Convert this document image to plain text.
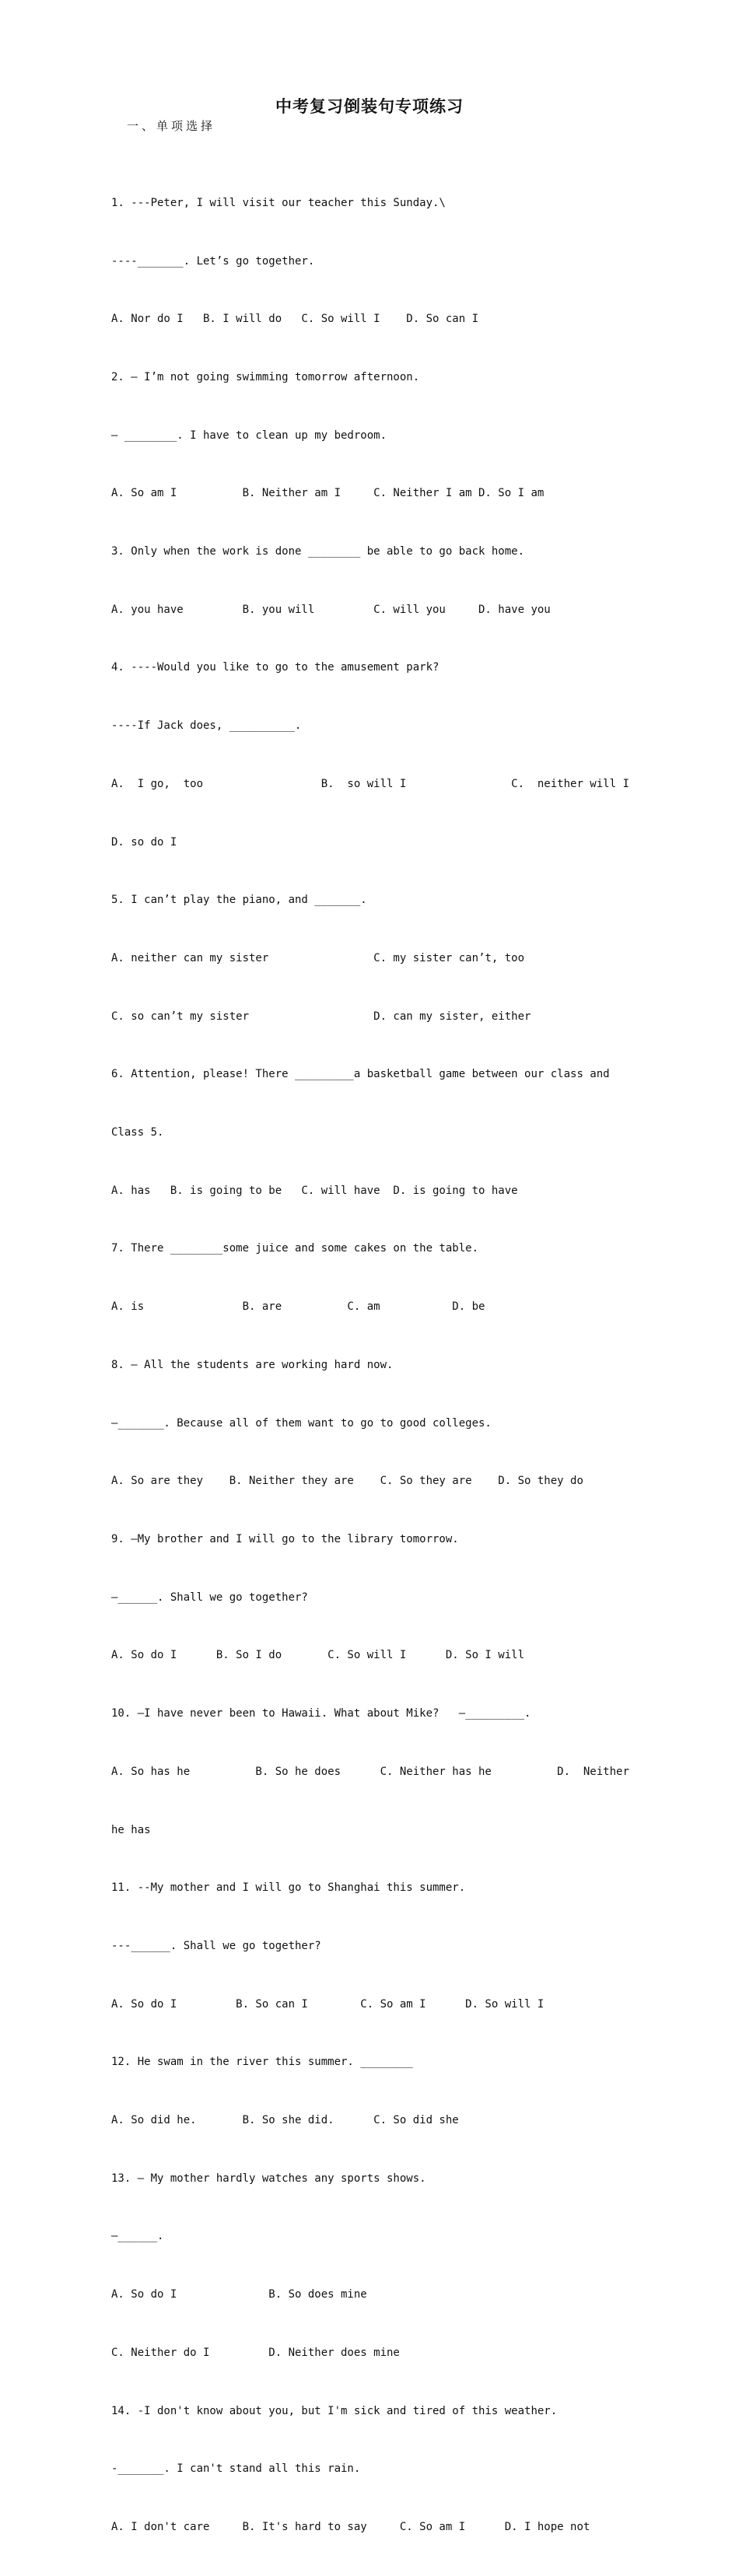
中考复习倒装句专项练习
一、单项选择

1. ---Peter, I will visit our teacher this Sunday.\

----_______. Let’s go together.

A. Nor do I   B. I will do   C. So will I    D. So can I

2. — I’m not going swimming tomorrow afternoon.

— ________. I have to clean up my bedroom.

A. So am I          B. Neither am I     C. Neither I am D. So I am

3. Only when the work is done ________ be able to go back home.

A. you have         B. you will         C. will you     D. have you

4. ----Would you like to go to the amusement park?

----If Jack does, __________.

A.  I go,  too                  B.  so will I                C.  neither will I

D. so do I

5. I can’t play the piano, and _______.

A. neither can my sister                C. my sister can’t, too

C. so can’t my sister                   D. can my sister, either

6. Attention, please! There _________a basketball game between our class and

Class 5.

A. has   B. is going to be   C. will have  D. is going to have

7. There ________some juice and some cakes on the table.

A. is               B. are          C. am           D. be

8. — All the students are working hard now.

—_______. Because all of them want to go to good colleges.

A. So are they    B. Neither they are    C. So they are    D. So they do

9. —My brother and I will go to the library tomorrow.

—______. Shall we go together?

A. So do I      B. So I do       C. So will I      D. So I will

10. —I have never been to Hawaii. What about Mike?   —_________.

A. So has he          B. So he does      C. Neither has he          D.  Neither

he has

11. --My mother and I will go to Shanghai this summer.

---______. Shall we go together?

A. So do I         B. So can I        C. So am I      D. So will I

12. He swam in the river this summer. ________

A. So did he.       B. So she did.      C. So did she

13. — My mother hardly watches any sports shows.

—______.

A. So do I              B. So does mine

C. Neither do I         D. Neither does mine

14. -I don't know about you, but I'm sick and tired of this weather.

-_______. I can't stand all this rain.

A. I don't care     B. It's hard to say     C. So am I      D. I hope not
